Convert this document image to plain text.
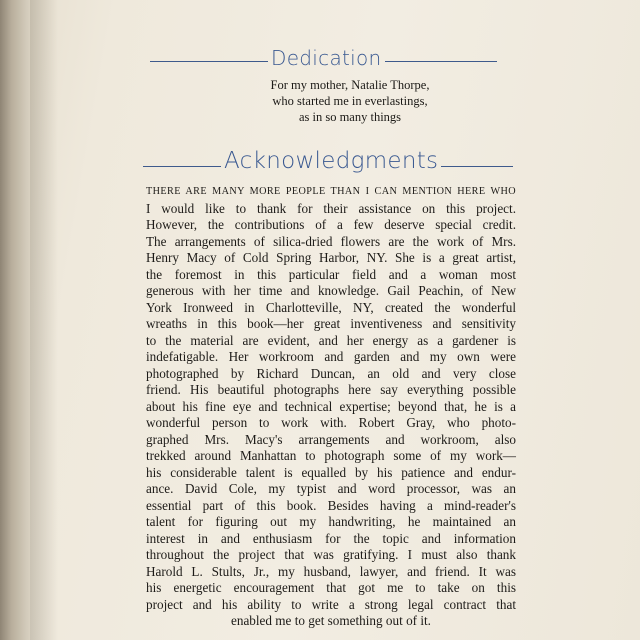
Dedication
For my mother, Natalie Thorpe,
who started me in everlastings,
as in so many things
Acknowledgments
THERE ARE MANY MORE PEOPLE THAN I CAN MENTION HERE WHO
I would like to thank for their assistance on this project.
However, the contributions of a few deserve special credit.
The arrangements of silica-dried flowers are the work of Mrs.
Henry Macy of Cold Spring Harbor, NY. She is a great artist,
the foremost in this particular field and a woman most
generous with her time and knowledge. Gail Peachin, of New
York Ironweed in Charlotteville, NY, created the wonderful
wreaths in this book—her great inventiveness and sensitivity
to the material are evident, and her energy as a gardener is
indefatigable. Her workroom and garden and my own were
photographed by Richard Duncan, an old and very close
friend. His beautiful photographs here say everything possible
about his fine eye and technical expertise; beyond that, he is a
wonderful person to work with. Robert Gray, who photo-
graphed Mrs. Macy's arrangements and workroom, also
trekked around Manhattan to photograph some of my work—
his considerable talent is equalled by his patience and endur-
ance. David Cole, my typist and word processor, was an
essential part of this book. Besides having a mind-reader's
talent for figuring out my handwriting, he maintained an
interest in and enthusiasm for the topic and information
throughout the project that was gratifying. I must also thank
Harold L. Stults, Jr., my husband, lawyer, and friend. It was
his energetic encouragement that got me to take on this
project and his ability to write a strong legal contract that
enabled me to get something out of it.
